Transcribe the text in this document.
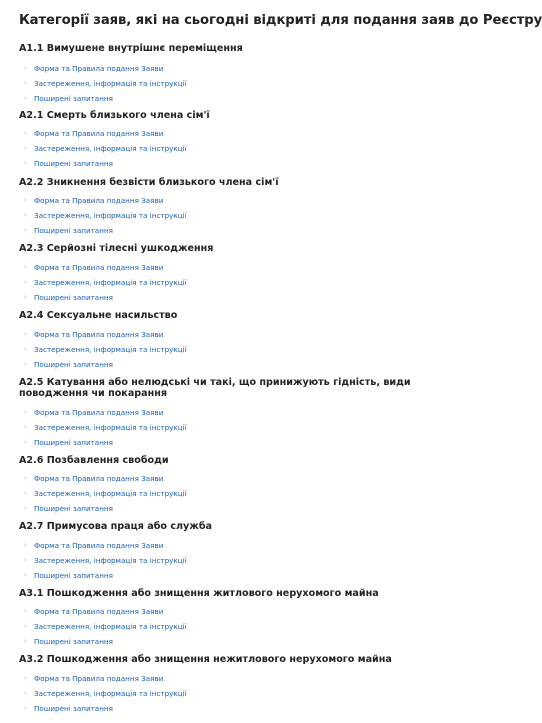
Категорії заяв, які на сьогодні відкриті для подання заяв до Реєстру
A1.1 Вимушене внутрішнє переміщення
› Форма та Правила подання Заяви
› Застереження, інформація та інструкції
› Поширені запитання
A2.1 Смерть близького члена сім'ї
› Форма та Правила подання Заяви
› Застереження, інформація та інструкції
› Поширені запитання
A2.2 Зникнення безвісти близького члена сім'ї
› Форма та Правила подання Заяви
› Застереження, інформація та інструкції
› Поширені запитання
A2.3 Серйозні тілесні ушкодження
› Форма та Правила подання Заяви
› Застереження, інформація та інструкції
› Поширені запитання
A2.4 Сексуальне насильство
› Форма та Правила подання Заяви
› Застереження, інформація та інструкції
› Поширені запитання
A2.5 Катування або нелюдські чи такі, що принижують гідність, види поводження чи покарання
› Форма та Правила подання Заяви
› Застереження, інформація та інструкції
› Поширені запитання
A2.6 Позбавлення свободи
› Форма та Правила подання Заяви
› Застереження, інформація та інструкції
› Поширені запитання
A2.7 Примусова праця або служба
› Форма та Правила подання Заяви
› Застереження, інформація та інструкції
› Поширені запитання
A3.1 Пошкодження або знищення житлового нерухомого майна
› Форма та Правила подання Заяви
› Застереження, інформація та інструкції
› Поширені запитання
A3.2 Пошкодження або знищення нежитлового нерухомого майна
› Форма та Правила подання Заяви
› Застереження, інформація та інструкції
› Поширені запитання
